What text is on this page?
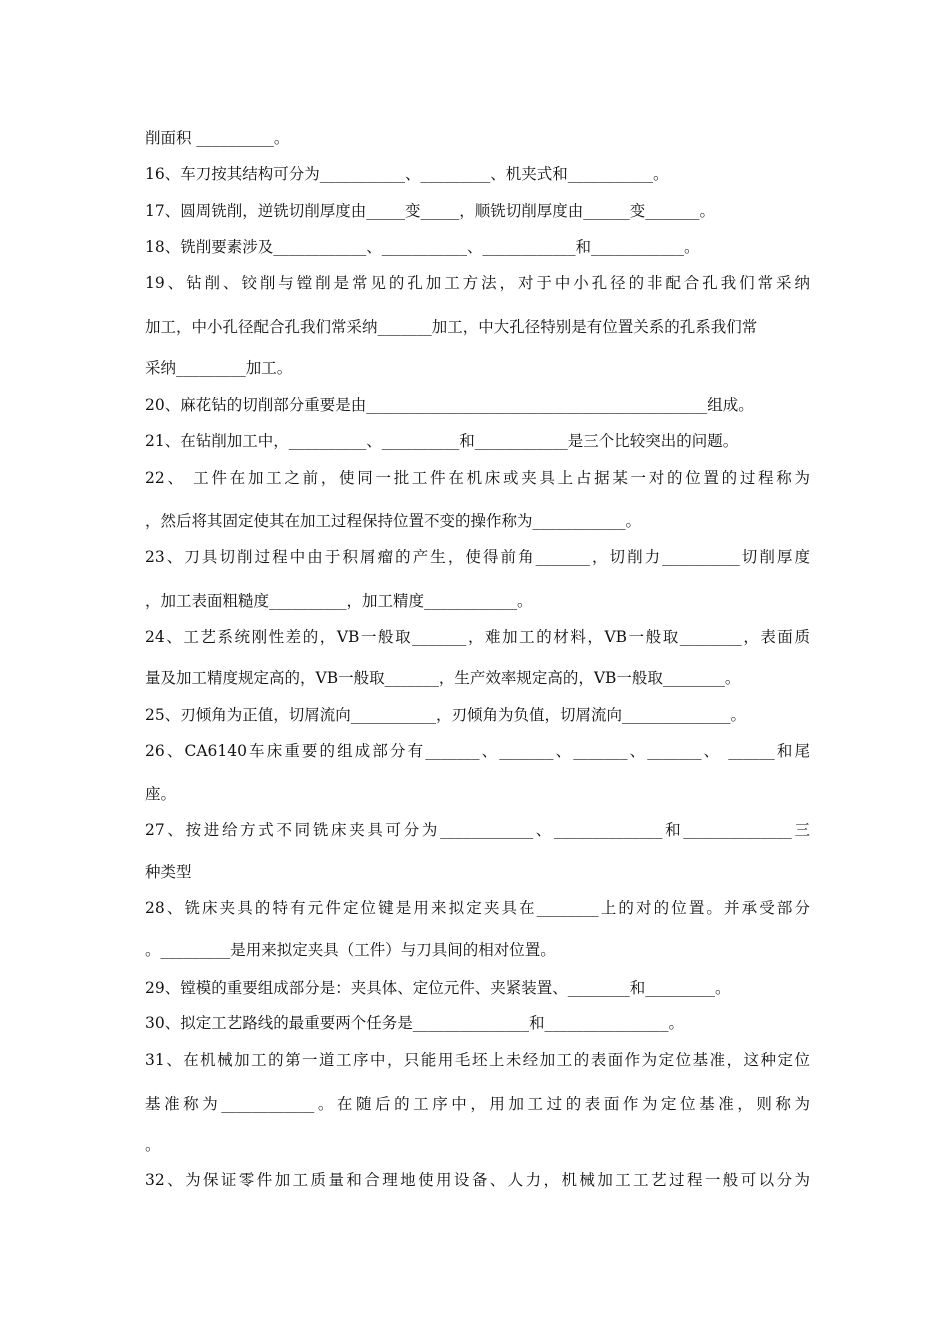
削面积 __________。
16、车刀按其结构可分为___________、_________、机夹式和___________。
17、圆周铣削，逆铣切削厚度由_____变_____，顺铣切削厚度由______变_______。
18、铣削要素涉及____________、___________、____________和____________。
19、钻削、铰削与镗削是常见的孔加工方法，对于中小孔径的非配合孔我们常采纳
加工，中小孔径配合孔我们常采纳_______加工，中大孔径特别是有位置关系的孔系我们常
采纳_________加工。
20、麻花钻的切削部分重要是由____________________________________________组成。
21、在钻削加工中，__________、__________和____________是三个比较突出的问题。
22、 工件在加工之前，使同一批工件在机床或夹具上占据某一对的位置的过程称为
，然后将其固定使其在加工过程保持位置不变的操作称为____________。
23、刀具切削过程中由于积屑瘤的产生，使得前角_______，切削力__________切削厚度
，加工表面粗糙度__________，加工精度____________。
24、工艺系统刚性差的，VB一般取_______，难加工的材料，VB一般取________，表面质
量及加工精度规定高的，VB一般取_______，生产效率规定高的，VB一般取________。
25、刃倾角为正值，切屑流向___________，刃倾角为负值，切屑流向______________。
26、CA6140车床重要的组成部分有_______、_______、_______、_______、 ______和尾
座。
27、按进给方式不同铣床夹具可分为____________、______________和______________三
种类型
28、铣床夹具的特有元件定位键是用来拟定夹具在________上的对的位置。并承受部分
。_________是用来拟定夹具（工件）与刀具间的相对位置。
29、镗模的重要组成部分是：夹具体、定位元件、夹紧装置、________和_________。
30、拟定工艺路线的最重要两个任务是_______________和________________。
31、在机械加工的第一道工序中，只能用毛坯上未经加工的表面作为定位基准，这种定位
基准称为____________。在随后的工序中，用加工过的表面作为定位基准，则称为
。
32、为保证零件加工质量和合理地使用设备、人力，机械加工工艺过程一般可以分为
